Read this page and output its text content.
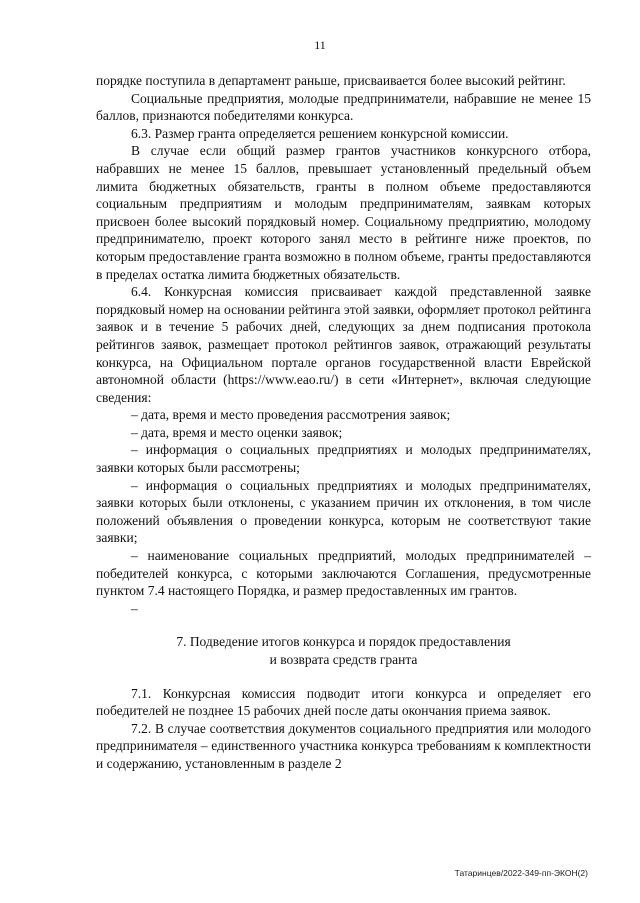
11

порядке поступила в департамент раньше, присваивается более высокий рейтинг.

Социальные предприятия, молодые предприниматели, набравшие не менее 15 баллов, признаются победителями конкурса.

6.3. Размер гранта определяется решением конкурсной комиссии.

В случае если общий размер грантов участников конкурсного отбора, набравших не менее 15 баллов, превышает установленный предельный объем лимита бюджетных обязательств, гранты в полном объеме предоставляются социальным предприятиям и молодым предпринимателям, заявкам которых присвоен более высокий порядковый номер. Социальному предприятию, молодому предпринимателю, проект которого занял место в рейтинге ниже проектов, по которым предоставление гранта возможно в полном объеме, гранты предоставляются в пределах остатка лимита бюджетных обязательств.

6.4. Конкурсная комиссия присваивает каждой представленной заявке порядковый номер на основании рейтинга этой заявки, оформляет протокол рейтинга заявок и в течение 5 рабочих дней, следующих за днем подписания протокола рейтингов заявок, размещает протокол рейтингов заявок, отражающий результаты конкурса, на Официальном портале органов государственной власти Еврейской автономной области (https://www.eao.ru/) в сети «Интернет», включая следующие сведения:

– дата, время и место проведения рассмотрения заявок;

– дата, время и место оценки заявок;

– информация о социальных предприятиях и молодых предпринимателях, заявки которых были рассмотрены;

– информация о социальных предприятиях и молодых предпринимателях, заявки которых были отклонены, с указанием причин их отклонения, в том числе положений объявления о проведении конкурса, которым не соответствуют такие заявки;

– наименование социальных предприятий, молодых предпринимателей – победителей конкурса, с которыми заключаются Соглашения, предусмотренные пунктом 7.4 настоящего Порядка, и размер предоставленных им грантов.

–

7. Подведение итогов конкурса и порядок предоставления
и возврата средств гранта

7.1. Конкурсная комиссия подводит итоги конкурса и определяет его победителей не позднее 15 рабочих дней после даты окончания приема заявок.

7.2. В случае соответствия документов социального предприятия или молодого предпринимателя – единственного участника конкурса требованиям к комплектности и содержанию, установленным в разделе 2

Татаринцев/2022-349-пп-ЭКОН(2)
